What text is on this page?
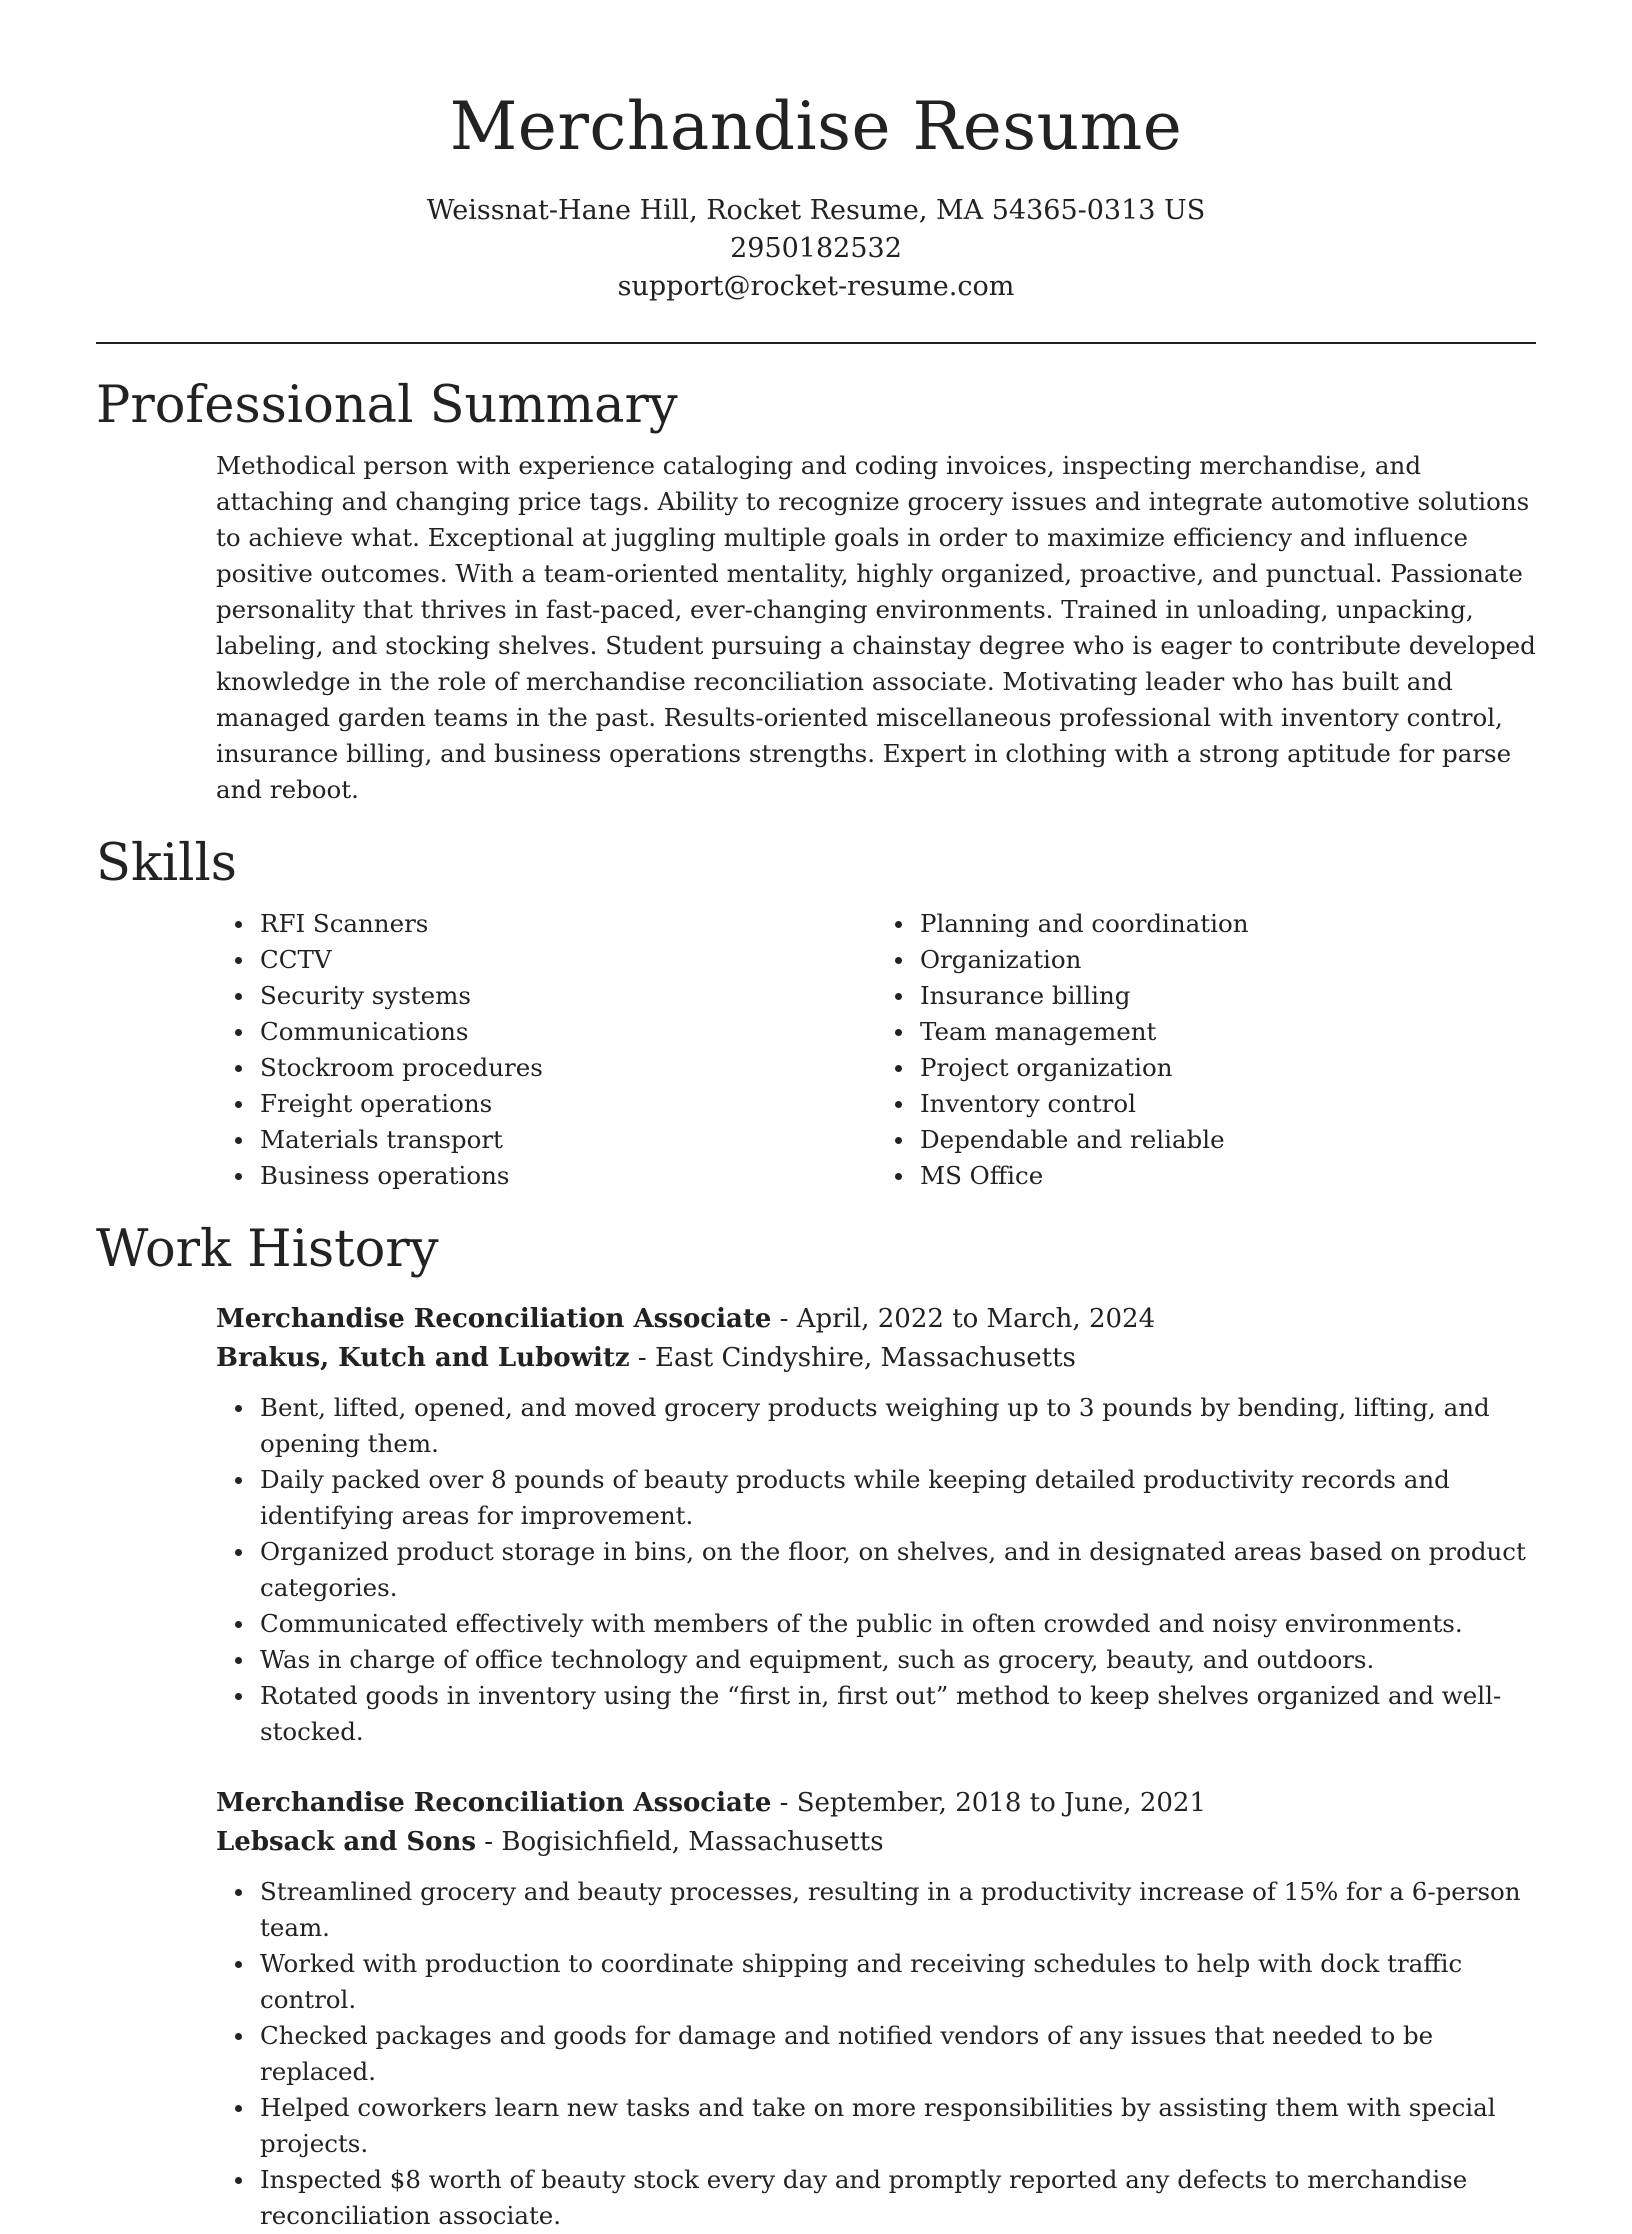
Merchandise Resume

Weissnat-Hane Hill, Rocket Resume, MA 54365-0313 US

2950182532

support@rocket-resume.com

Professional Summary

Methodical person with experience cataloging and coding invoices, inspecting merchandise, and attaching and changing price tags. Ability to recognize grocery issues and integrate automotive solutions to achieve what. Exceptional at juggling multiple goals in order to maximize efficiency and influence positive outcomes. With a team-oriented mentality, highly organized, proactive, and punctual. Passionate personality that thrives in fast-paced, ever-changing environments. Trained in unloading, unpacking, labeling, and stocking shelves. Student pursuing a chainstay degree who is eager to contribute developed knowledge in the role of merchandise reconciliation associate. Motivating leader who has built and managed garden teams in the past. Results-oriented miscellaneous professional with inventory control, insurance billing, and business operations strengths. Expert in clothing with a strong aptitude for parse and reboot.

Skills
RFI Scanners
CCTV
Security systems
Communications
Stockroom procedures
Freight operations
Materials transport
Business operations
Planning and coordination
Organization
Insurance billing
Team management
Project organization
Inventory control
Dependable and reliable
MS Office
Work History

Merchandise Reconciliation Associate - April, 2022 to March, 2024

Brakus, Kutch and Lubowitz - East Cindyshire, Massachusetts

Bent, lifted, opened, and moved grocery products weighing up to 3 pounds by bending, lifting, and opening them.
Daily packed over 8 pounds of beauty products while keeping detailed productivity records and identifying areas for improvement.
Organized product storage in bins, on the floor, on shelves, and in designated areas based on product categories.
Communicated effectively with members of the public in often crowded and noisy environments.
Was in charge of office technology and equipment, such as grocery, beauty, and outdoors.
Rotated goods in inventory using the “first in, first out” method to keep shelves organized and well-stocked.

Merchandise Reconciliation Associate - September, 2018 to June, 2021

Lebsack and Sons - Bogisichfield, Massachusetts

Streamlined grocery and beauty processes, resulting in a productivity increase of 15% for a 6-person team.
Worked with production to coordinate shipping and receiving schedules to help with dock traffic control.
Checked packages and goods for damage and notified vendors of any issues that needed to be replaced.
Helped coworkers learn new tasks and take on more responsibilities by assisting them with special projects.
Inspected $8 worth of beauty stock every day and promptly reported any defects to merchandise reconciliation associate.
